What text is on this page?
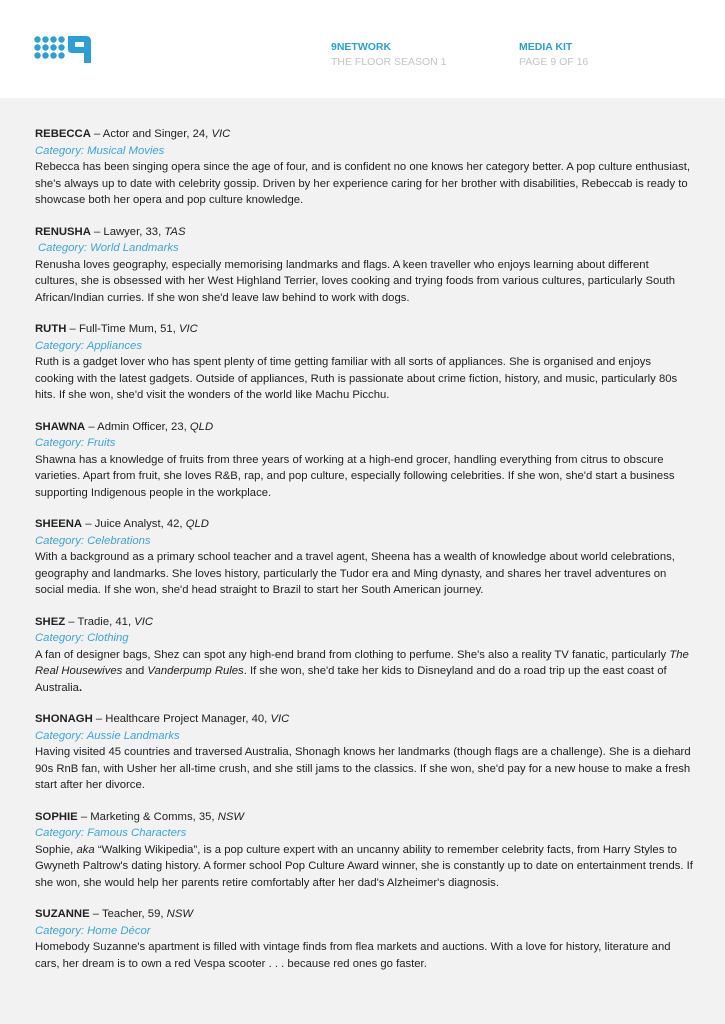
9NETWORK
THE FLOOR SEASON 1
MEDIA KIT
PAGE 9 OF 16

REBECCA – Actor and Singer, 24, VIC

Category: Musical Movies

Rebecca has been singing opera since the age of four, and is confident no one knows her category better. A pop culture enthusiast, she's always up to date with celebrity gossip. Driven by her experience caring for her brother with disabilities, Rebeccab is ready to showcase both her opera and pop culture knowledge.

RENUSHA – Lawyer, 33, TAS

Category: World Landmarks

Renusha loves geography, especially memorising landmarks and flags. A keen traveller who enjoys learning about different cultures, she is obsessed with her West Highland Terrier, loves cooking and trying foods from various cultures, particularly South African/Indian curries. If she won she'd leave law behind to work with dogs.

RUTH – Full-Time Mum, 51, VIC

Category: Appliances

Ruth is a gadget lover who has spent plenty of time getting familiar with all sorts of appliances. She is organised and enjoys cooking with the latest gadgets. Outside of appliances, Ruth is passionate about crime fiction, history, and music, particularly 80s hits. If she won, she'd visit the wonders of the world like Machu Picchu.

SHAWNA – Admin Officer, 23, QLD

Category: Fruits

Shawna has a knowledge of fruits from three years of working at a high-end grocer, handling everything from citrus to obscure varieties. Apart from fruit, she loves R&B, rap, and pop culture, especially following celebrities. If she won, she'd start a business supporting Indigenous people in the workplace.

SHEENA – Juice Analyst, 42, QLD

Category: Celebrations

With a background as a primary school teacher and a travel agent, Sheena has a wealth of knowledge about world celebrations, geography and landmarks. She loves history, particularly the Tudor era and Ming dynasty, and shares her travel adventures on social media. If she won, she'd head straight to Brazil to start her South American journey.

SHEZ – Tradie, 41, VIC

Category: Clothing

A fan of designer bags, Shez can spot any high-end brand from clothing to perfume. She's also a reality TV fanatic, particularly The Real Housewives and Vanderpump Rules. If she won, she'd take her kids to Disneyland and do a road trip up the east coast of Australia.

SHONAGH – Healthcare Project Manager, 40, VIC

Category: Aussie Landmarks

Having visited 45 countries and traversed Australia, Shonagh knows her landmarks (though flags are a challenge). She is a diehard 90s RnB fan, with Usher her all-time crush, and she still jams to the classics. If she won, she'd pay for a new house to make a fresh start after her divorce.

SOPHIE – Marketing & Comms, 35, NSW

Category: Famous Characters

Sophie, aka “Walking Wikipedia”, is a pop culture expert with an uncanny ability to remember celebrity facts, from Harry Styles to Gwyneth Paltrow's dating history. A former school Pop Culture Award winner, she is constantly up to date on entertainment trends. If she won, she would help her parents retire comfortably after her dad's Alzheimer's diagnosis.

SUZANNE – Teacher, 59, NSW

Category: Home Décor

Homebody Suzanne's apartment is filled with vintage finds from flea markets and auctions. With a love for history, literature and cars, her dream is to own a red Vespa scooter . . . because red ones go faster.
